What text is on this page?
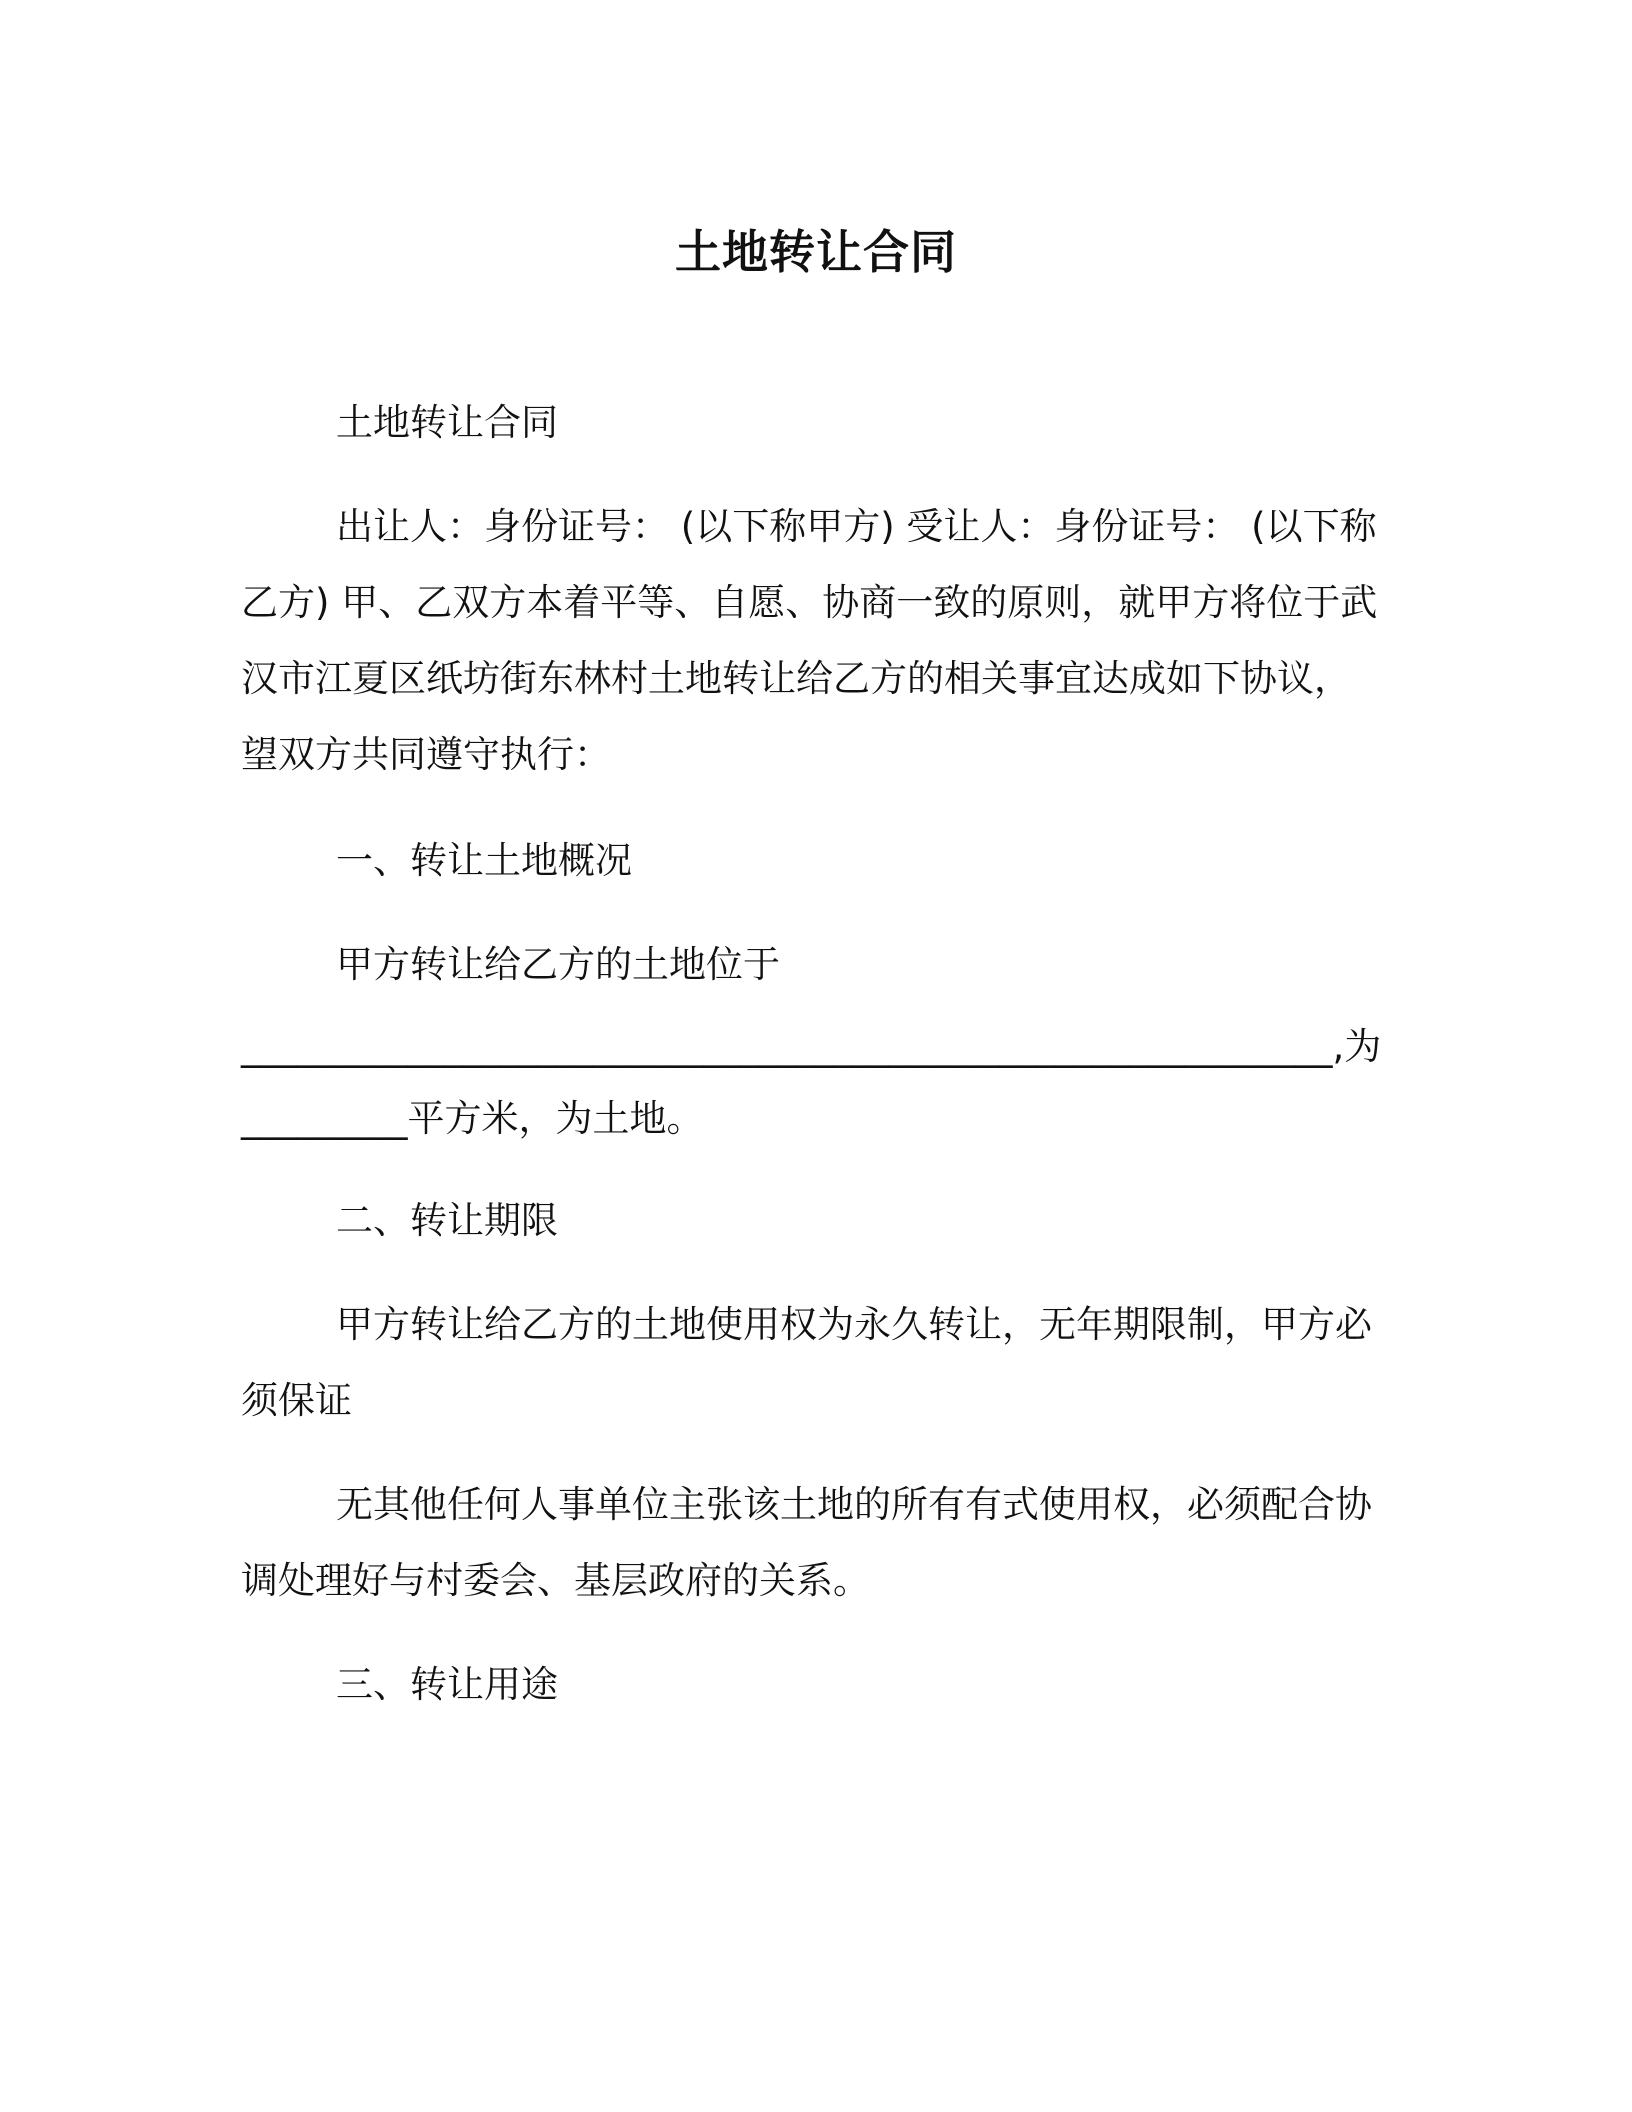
土地转让合同
土地转让合同
出让人：身份证号： (以下称甲方) 受让人：身份证号： (以下称
乙方) 甲、乙双方本着平等、自愿、协商一致的原则，就甲方将位于武
汉市江夏区纸坊街东林村土地转让给乙方的相关事宜达成如下协议，
望双方共同遵守执行：
一、转让土地概况
甲方转让给乙方的土地位于
___________________________________________________________,为
_________平方米，为土地。
二、转让期限
甲方转让给乙方的土地使用权为永久转让，无年期限制，甲方必
须保证
无其他任何人事单位主张该土地的所有有式使用权，必须配合协
调处理好与村委会、基层政府的关系。
三、转让用途
